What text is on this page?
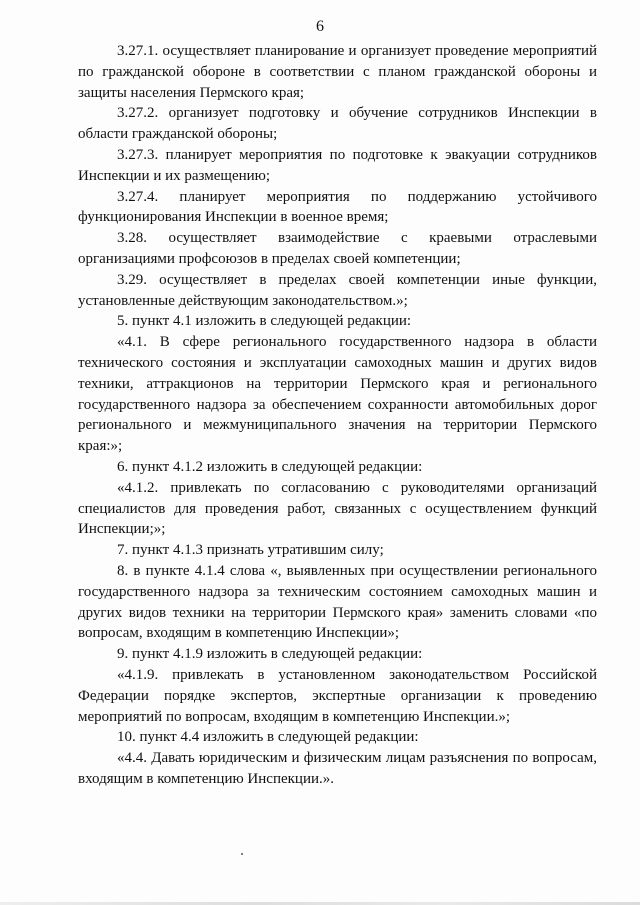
6

3.27.1. осуществляет планирование и организует проведение мероприятий по гражданской обороне в соответствии с планом гражданской обороны и защиты населения Пермского края;

3.27.2. организует подготовку и обучение сотрудников Инспекции в области гражданской обороны;

3.27.3. планирует мероприятия по подготовке к эвакуации сотрудников Инспекции и их размещению;

3.27.4. планирует мероприятия по поддержанию устойчивого функционирования Инспекции в военное время;

3.28. осуществляет взаимодействие с краевыми отраслевыми организациями профсоюзов в пределах своей компетенции;

3.29. осуществляет в пределах своей компетенции иные функции, установленные действующим законодательством.»;

5. пункт 4.1 изложить в следующей редакции:

«4.1. В сфере регионального государственного надзора в области технического состояния и эксплуатации самоходных машин и других видов техники, аттракционов на территории Пермского края и регионального государственного надзора за обеспечением сохранности автомобильных дорог регионального и межмуниципального значения на территории Пермского края:»;

6. пункт 4.1.2 изложить в следующей редакции:

«4.1.2. привлекать по согласованию с руководителями организаций специалистов для проведения работ, связанных с осуществлением функций Инспекции;»;

7. пункт 4.1.3 признать утратившим силу;

8. в пункте 4.1.4 слова «, выявленных при осуществлении регионального государственного надзора за техническим состоянием самоходных машин и других видов техники на территории Пермского края» заменить словами «по вопросам, входящим в компетенцию Инспекции»;

9. пункт 4.1.9 изложить в следующей редакции:

«4.1.9. привлекать в установленном законодательством Российской Федерации порядке экспертов, экспертные организации к проведению мероприятий по вопросам, входящим в компетенцию Инспекции.»;

10. пункт 4.4 изложить в следующей редакции:

«4.4. Давать юридическим и физическим лицам разъяснения по вопросам, входящим в компетенцию Инспекции.».
